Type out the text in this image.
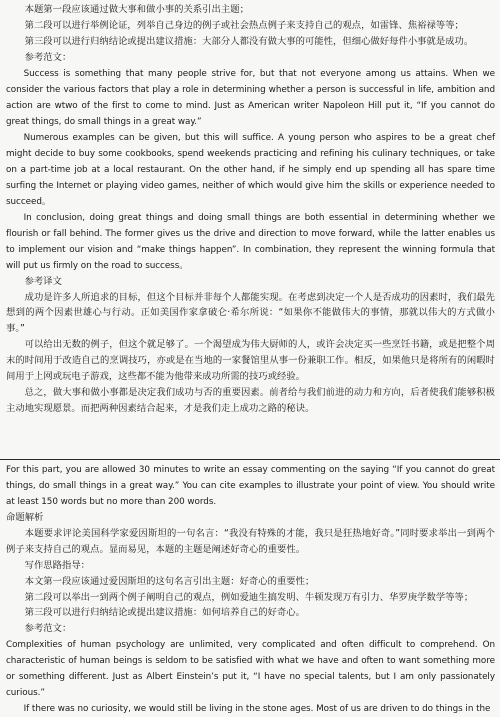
本题第一段应该通过做大事和做小事的关系引出主题；

第二段可以进行举例论证，列举自己身边的例子或社会热点例子来支持自己的观点，如雷锋、焦裕禄等等；

第三段可以进行归纳结论或提出建议措施：大部分人都没有做大事的可能性，但细心做好每件小事就是成功。

参考范文：

Success is something that many people strive for, but that not everyone among us attains. When we consider the various factors that play a role in determining whether a person is successful in life, ambition and action are wtwo of the first to come to mind. Just as American writer Napoleon Hill put it, “If you cannot do great things, do small things in a great way.”

Numerous examples can be given, but this will suffice. A young person who aspires to be a great chef might decide to buy some cookbooks, spend weekends practicing and refining his culinary techniques, or take on a part-time job at a local restaurant. On the other hand, if he simply end up spending all has spare time surfing the Internet or playing video games, neither of which would give him the skills or experience needed to succeed。

In conclusion, doing great things and doing small things are both essential in determining whether we flourish or fall behind. The former gives us the drive and direction to move forward, while the latter enables us to implement our vision and “make things happen”. In combination, they represent the winning formula that will put us firmly on the road to success。

参考译文

成功是许多人所追求的目标，但这个目标并非每个人都能实现。在考虑到决定一个人是否成功的因素时，我们最先想到的两个因素世雄心与行动。正如美国作家拿破仑·希尔所说：“如果你不能做伟大的事情，那就以伟大的方式做小事。”

可以给出无数的例子，但这个就足够了。一个渴望成为伟大厨师的人，或许会决定买一些烹饪书籍，或是把整个周末的时间用于改造自己的烹调技巧，亦或是在当地的一家餐馆里从事一份兼职工作。相反，如果他只是将所有的闲暇时间用于上网或玩电子游戏，这些都不能为他带来成功所需的技巧或经验。

总之，做大事和做小事都是决定我们成功与否的重要因素。前者给与我们前进的动力和方向，后者使我们能够积极主动地实现愿景。而把两种因素结合起来，才是我们走上成功之路的秘诀。

For this part, you are allowed 30 minutes to write an essay commenting on the saying “If you cannot do great things, do small things in a great way.” You can cite examples to illustrate your point of view. You should write at least 150 words but no more than 200 words.

命题解析

本题要求评论美国科学家爱因斯坦的一句名言：“我没有特殊的才能，我只是狂热地好奇。”同时要求举出一到两个例子来支持自己的观点。显而易见，本题的主题是阐述好奇心的重要性。

写作思路指导：

本文第一段应该通过爱因斯坦的这句名言引出主题：好奇心的重要性；

第二段可以举出一到两个例子阐明自己的观点，例如爱迪生搞发明、牛顿发现万有引力、华罗庚学数学等等；

第三段可以进行归纳结论或提出建议措施：如何培养自己的好奇心。

参考范文：

Complexities of human psychology are unlimited, very complicated and often difficult to comprehend. On characteristic of human beings is seldom to be satisfied with what we have and often to want something more or something different. Just as Albert Einstein’s put it, “I have no special talents, but I am only passionately curious.”

If there was no curiosity, we would still be living in the stone ages. Most of us are driven to do things in the
